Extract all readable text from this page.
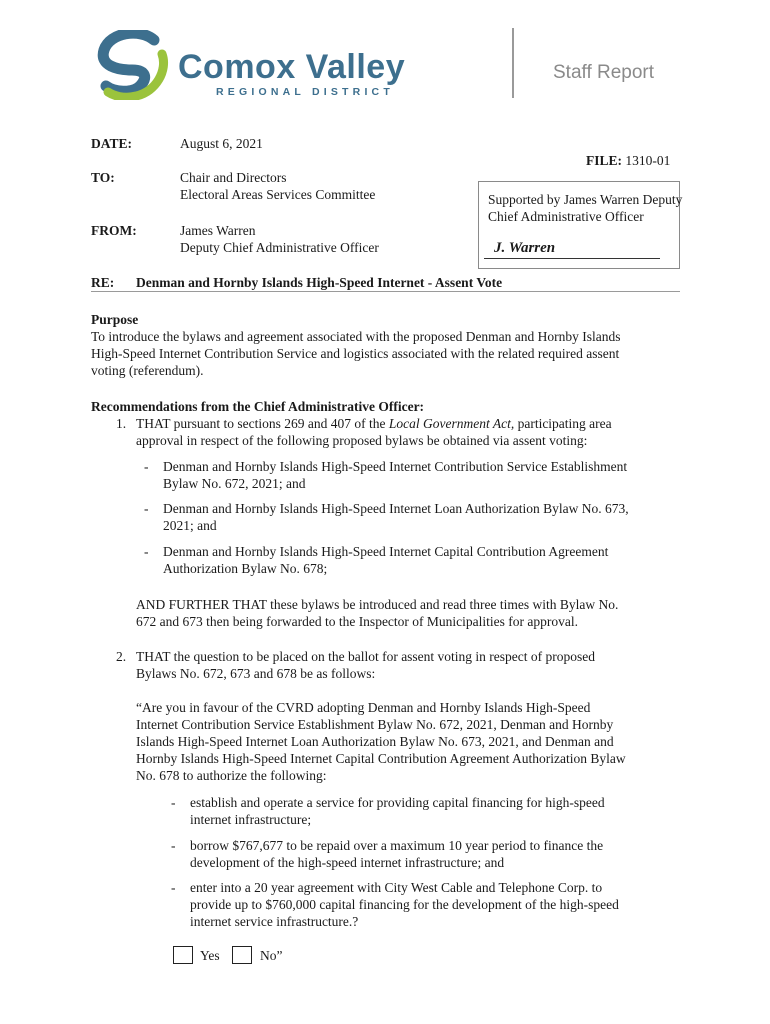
Comox Valley
REGIONAL DISTRICT
Staff Report
DATE:	August 6, 2021
FILE: 1310-01
TO:	Chair and Directors
Electoral Areas Services Committee
FROM:	James Warren
Deputy Chief Administrative Officer
Supported by James Warren Deputy
Chief Administrative Officer
J. Warren
RE: Denman and Hornby Islands High-Speed Internet - Assent Vote
Purpose
To introduce the bylaws and agreement associated with the proposed Denman and Hornby Islands
High-Speed Internet Contribution Service and logistics associated with the related required assent
voting (referendum).
Recommendations from the Chief Administrative Officer:
1. THAT pursuant to sections 269 and 407 of the Local Government Act, participating area
approval in respect of the following proposed bylaws be obtained via assent voting:
- Denman and Hornby Islands High-Speed Internet Contribution Service Establishment
Bylaw No. 672, 2021; and
- Denman and Hornby Islands High-Speed Internet Loan Authorization Bylaw No. 673,
2021; and
- Denman and Hornby Islands High-Speed Internet Capital Contribution Agreement
Authorization Bylaw No. 678;
AND FURTHER THAT these bylaws be introduced and read three times with Bylaw No.
672 and 673 then being forwarded to the Inspector of Municipalities for approval.
2. THAT the question to be placed on the ballot for assent voting in respect of proposed
Bylaws No. 672, 673 and 678 be as follows:
“Are you in favour of the CVRD adopting Denman and Hornby Islands High-Speed
Internet Contribution Service Establishment Bylaw No. 672, 2021, Denman and Hornby
Islands High-Speed Internet Loan Authorization Bylaw No. 673, 2021, and Denman and
Hornby Islands High-Speed Internet Capital Contribution Agreement Authorization Bylaw
No. 678 to authorize the following:
- establish and operate a service for providing capital financing for high-speed
internet infrastructure;
- borrow $767,677 to be repaid over a maximum 10 year period to finance the
development of the high-speed internet infrastructure; and
- enter into a 20 year agreement with City West Cable and Telephone Corp. to
provide up to $760,000 capital financing for the development of the high-speed
internet service infrastructure.?
Yes	No”
